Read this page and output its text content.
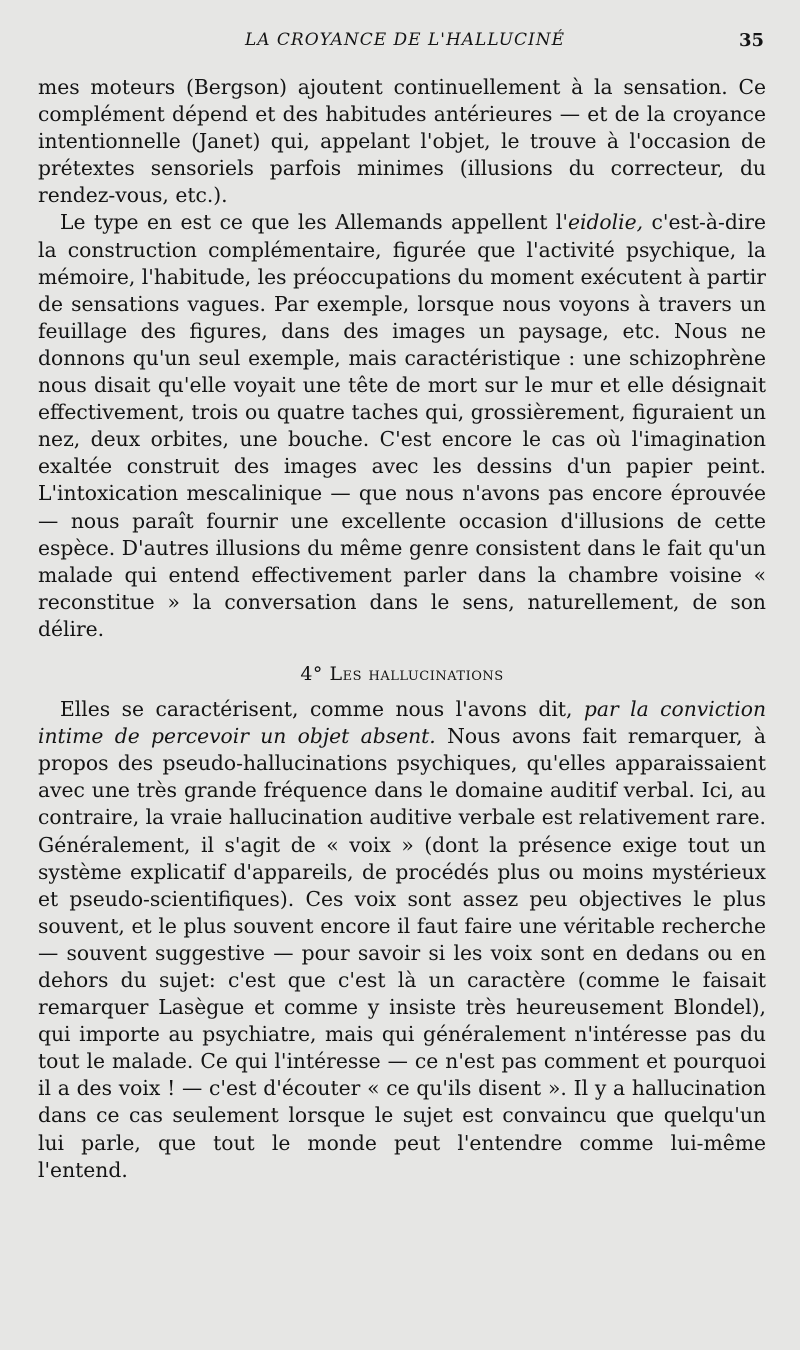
LA CROYANCE DE L'HALLUCINÉ	35

mes moteurs (Bergson) ajoutent continuellement à la sensation. Ce complément dépend et des habitudes antérieures — et de la croyance intentionnelle (Janet) qui, appelant l'objet, le trouve à l'occasion de prétextes sensoriels parfois minimes (illusions du correcteur, du rendez-vous, etc.).

Le type en est ce que les Allemands appellent l'eidolie, c'est-à-dire la construction complémentaire, figurée que l'activité psychique, la mémoire, l'habitude, les préoccupations du moment exécutent à partir de sensations vagues. Par exemple, lorsque nous voyons à travers un feuillage des figures, dans des images un paysage, etc. Nous ne donnons qu'un seul exemple, mais caractéristique : une schizophrène nous disait qu'elle voyait une tête de mort sur le mur et elle désignait effectivement, trois ou quatre taches qui, grossièrement, figuraient un nez, deux orbites, une bouche. C'est encore le cas où l'imagination exaltée construit des images avec les dessins d'un papier peint. L'intoxication mescalinique — que nous n'avons pas encore éprouvée — nous paraît fournir une excellente occasion d'illusions de cette espèce. D'autres illusions du même genre consistent dans le fait qu'un malade qui entend effectivement parler dans la chambre voisine « reconstitue » la conversation dans le sens, naturellement, de son délire.

4° Les hallucinations

Elles se caractérisent, comme nous l'avons dit, par la conviction intime de percevoir un objet absent. Nous avons fait remarquer, à propos des pseudo-hallucinations psychiques, qu'elles apparaissaient avec une très grande fréquence dans le domaine auditif verbal. Ici, au contraire, la vraie hallucination auditive verbale est relativement rare. Généralement, il s'agit de « voix » (dont la présence exige tout un système explicatif d'appareils, de procédés plus ou moins mystérieux et pseudo-scientifiques). Ces voix sont assez peu objectives le plus souvent, et le plus souvent encore il faut faire une véritable recherche — souvent suggestive — pour savoir si les voix sont en dedans ou en dehors du sujet: c'est que c'est là un caractère (comme le faisait remarquer Lasègue et comme y insiste très heureusement Blondel), qui importe au psychiatre, mais qui généralement n'intéresse pas du tout le malade. Ce qui l'intéresse — ce n'est pas comment et pourquoi il a des voix ! — c'est d'écouter « ce qu'ils disent ». Il y a hallucination dans ce cas seulement lorsque le sujet est convaincu que quelqu'un lui parle, que tout le monde peut l'entendre comme lui-même l'entend.
